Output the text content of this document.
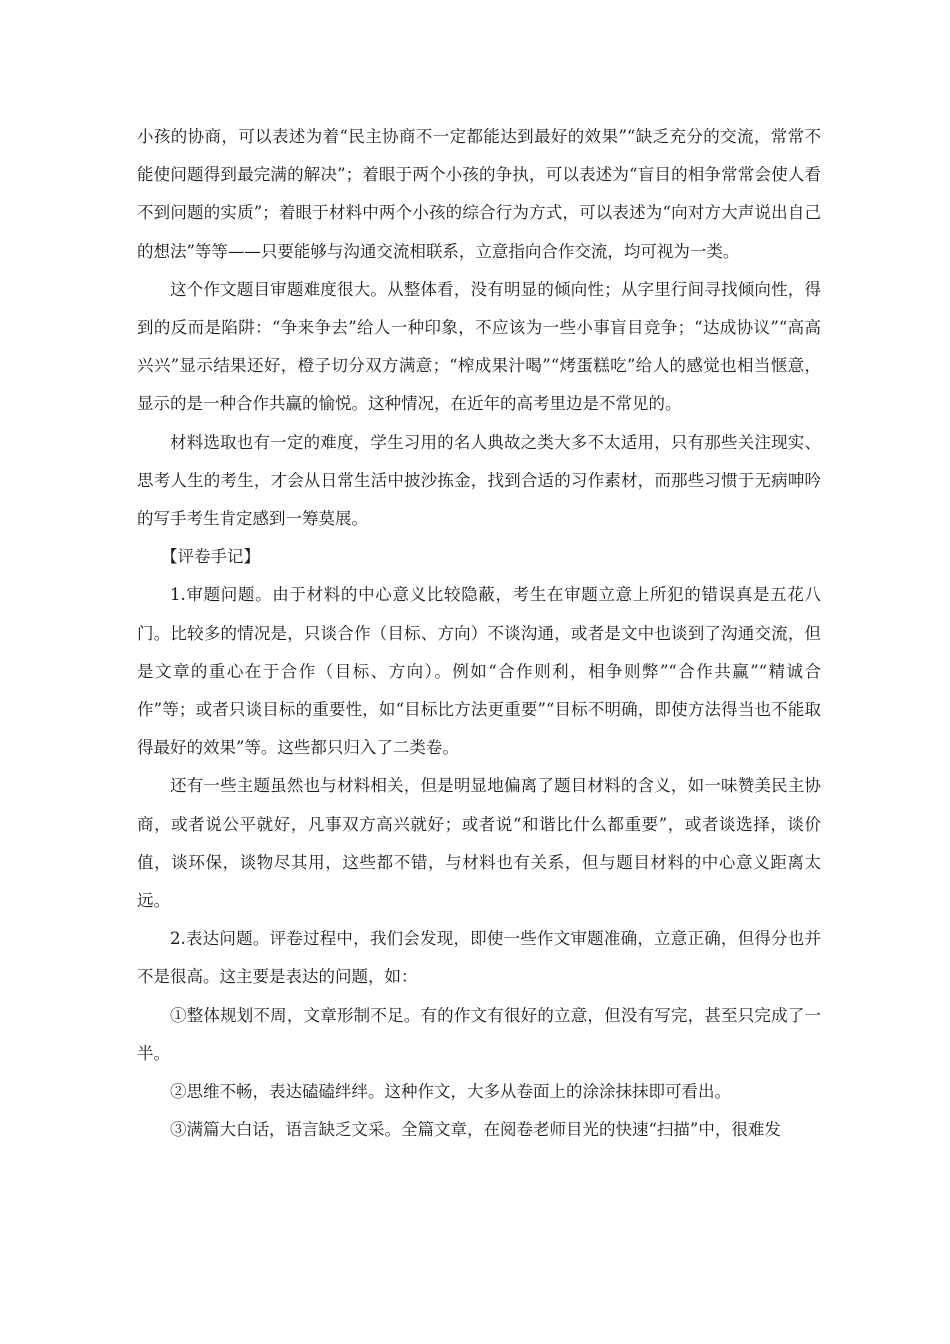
小孩的协商，可以表述为着“民主协商不一定都能达到最好的效果”“缺乏充分的交流，常常不能使问题得到最完满的解决”；着眼于两个小孩的争执，可以表述为“盲目的相争常常会使人看不到问题的实质”；着眼于材料中两个小孩的综合行为方式，可以表述为“向对方大声说出自己的想法”等等——只要能够与沟通交流相联系，立意指向合作交流，均可视为一类。

这个作文题目审题难度很大。从整体看，没有明显的倾向性；从字里行间寻找倾向性，得到的反而是陷阱：“争来争去”给人一种印象，不应该为一些小事盲目竞争；“达成协议”“高高兴兴”显示结果还好，橙子切分双方满意；“榨成果汁喝”“烤蛋糕吃”给人的感觉也相当惬意，显示的是一种合作共赢的愉悦。这种情况，在近年的高考里边是不常见的。

材料选取也有一定的难度，学生习用的名人典故之类大多不太适用，只有那些关注现实、思考人生的考生，才会从日常生活中披沙拣金，找到合适的习作素材，而那些习惯于无病呻吟的写手考生肯定感到一筹莫展。

【评卷手记】

1.审题问题。由于材料的中心意义比较隐蔽，考生在审题立意上所犯的错误真是五花八门。比较多的情况是，只谈合作（目标、方向）不谈沟通，或者是文中也谈到了沟通交流，但是文章的重心在于合作（目标、方向）。例如“合作则利，相争则弊”“合作共赢”“精诚合作”等；或者只谈目标的重要性，如“目标比方法更重要”“目标不明确，即使方法得当也不能取得最好的效果”等。这些都只归入了二类卷。

还有一些主题虽然也与材料相关，但是明显地偏离了题目材料的含义，如一味赞美民主协商，或者说公平就好，凡事双方高兴就好；或者说“和谐比什么都重要”，或者谈选择，谈价值，谈环保，谈物尽其用，这些都不错，与材料也有关系，但与题目材料的中心意义距离太远。

2.表达问题。评卷过程中，我们会发现，即使一些作文审题准确，立意正确，但得分也并不是很高。这主要是表达的问题，如：

①整体规划不周，文章形制不足。有的作文有很好的立意，但没有写完，甚至只完成了一半。

②思维不畅，表达磕磕绊绊。这种作文，大多从卷面上的涂涂抹抹即可看出。

③满篇大白话，语言缺乏文采。全篇文章，在阅卷老师目光的快速“扫描”中，很难发
